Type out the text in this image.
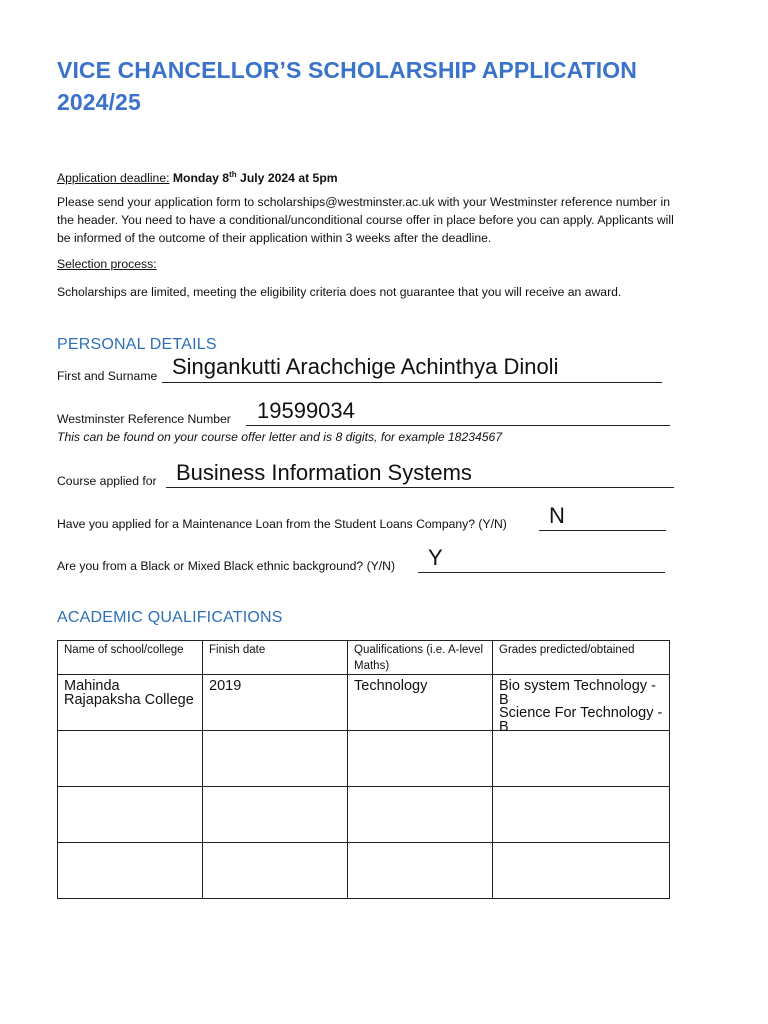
VICE CHANCELLOR’S SCHOLARSHIP APPLICATION 2024/25
Application deadline: Monday 8th July 2024 at 5pm
Please send your application form to scholarships@westminster.ac.uk with your Westminster reference number in the header. You need to have a conditional/unconditional course offer in place before you can apply. Applicants will be informed of the outcome of their application within 3 weeks after the deadline.
Selection process:
Scholarships are limited, meeting the eligibility criteria does not guarantee that you will receive an award.
PERSONAL DETAILS
First and Surname Singankutti Arachchige Achinthya Dinoli
Westminster Reference Number 19599034
This can be found on your course offer letter and is 8 digits, for example 18234567
Course applied for Business Information Systems
Have you applied for a Maintenance Loan from the Student Loans Company? (Y/N) N
Are you from a Black or Mixed Black ethnic background? (Y/N) Y
ACADEMIC QUALIFICATIONS
Name of school/college	Finish date	Qualifications (i.e. A-level Maths)	Grades predicted/obtained

Mahinda Rajapaksha College	2019	Technology	Bio system Technology - B
Science For Technology - B
